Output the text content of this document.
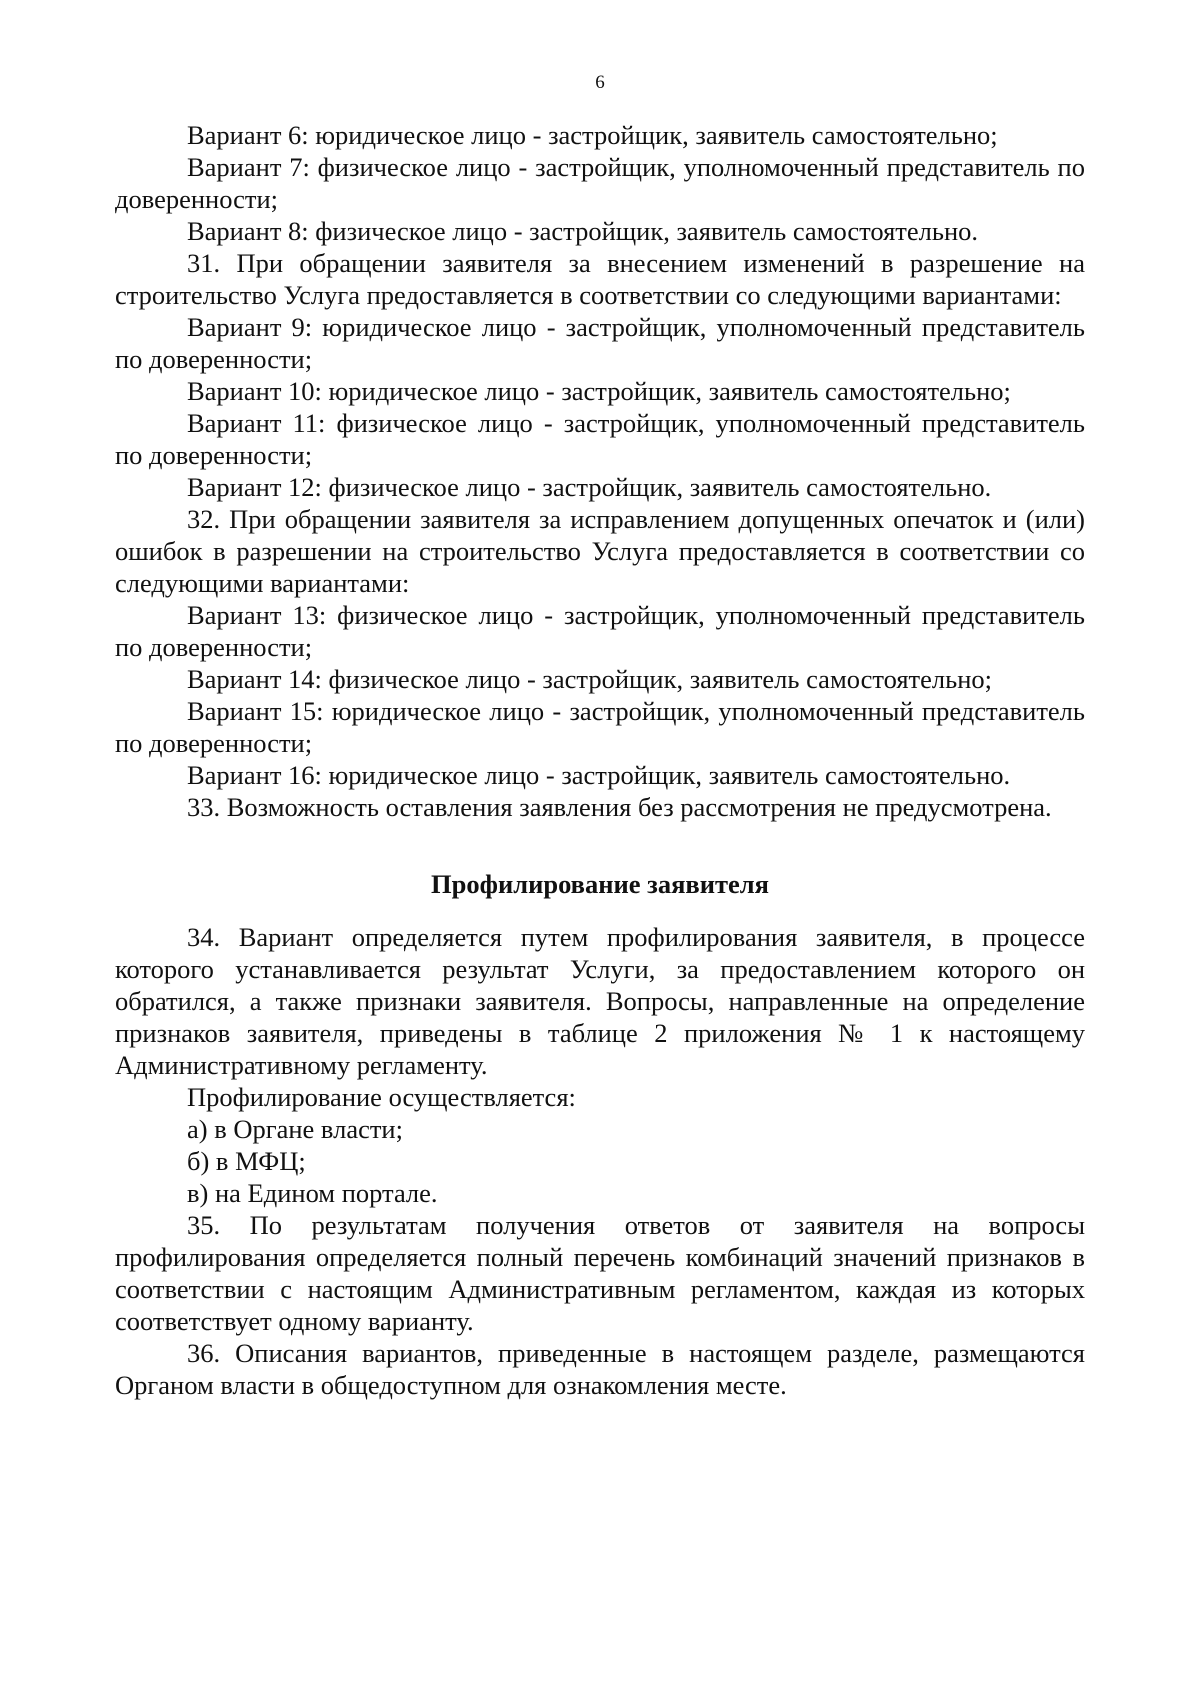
6

Вариант 6: юридическое лицо - застройщик, заявитель самостоятельно;

Вариант 7: физическое лицо - застройщик, уполномоченный представитель по доверенности;

Вариант 8: физическое лицо - застройщик, заявитель самостоятельно.

31. При обращении заявителя за внесением изменений в разрешение на строительство Услуга предоставляется в соответствии со следующими вариантами:

Вариант 9: юридическое лицо - застройщик, уполномоченный представитель по доверенности;

Вариант 10: юридическое лицо - застройщик, заявитель самостоятельно;

Вариант 11: физическое лицо - застройщик, уполномоченный представитель по доверенности;

Вариант 12: физическое лицо - застройщик, заявитель самостоятельно.

32. При обращении заявителя за исправлением допущенных опечаток и (или) ошибок в разрешении на строительство Услуга предоставляется в соответствии со следующими вариантами:

Вариант 13: физическое лицо - застройщик, уполномоченный представитель по доверенности;

Вариант 14: физическое лицо - застройщик, заявитель самостоятельно;

Вариант 15: юридическое лицо - застройщик, уполномоченный представитель по доверенности;

Вариант 16: юридическое лицо - застройщик, заявитель самостоятельно.

33. Возможность оставления заявления без рассмотрения не предусмотрена.

Профилирование заявителя

34. Вариант определяется путем профилирования заявителя, в процессе которого устанавливается результат Услуги, за предоставлением которого он обратился, а также признаки заявителя. Вопросы, направленные на определение признаков заявителя, приведены в таблице 2 приложения № 1 к настоящему Административному регламенту.

Профилирование осуществляется:

а) в Органе власти;

б) в МФЦ;

в) на Едином портале.

35. По результатам получения ответов от заявителя на вопросы профилирования определяется полный перечень комбинаций значений признаков в соответствии с настоящим Административным регламентом, каждая из которых соответствует одному варианту.

36. Описания вариантов, приведенные в настоящем разделе, размещаются Органом власти в общедоступном для ознакомления месте.
